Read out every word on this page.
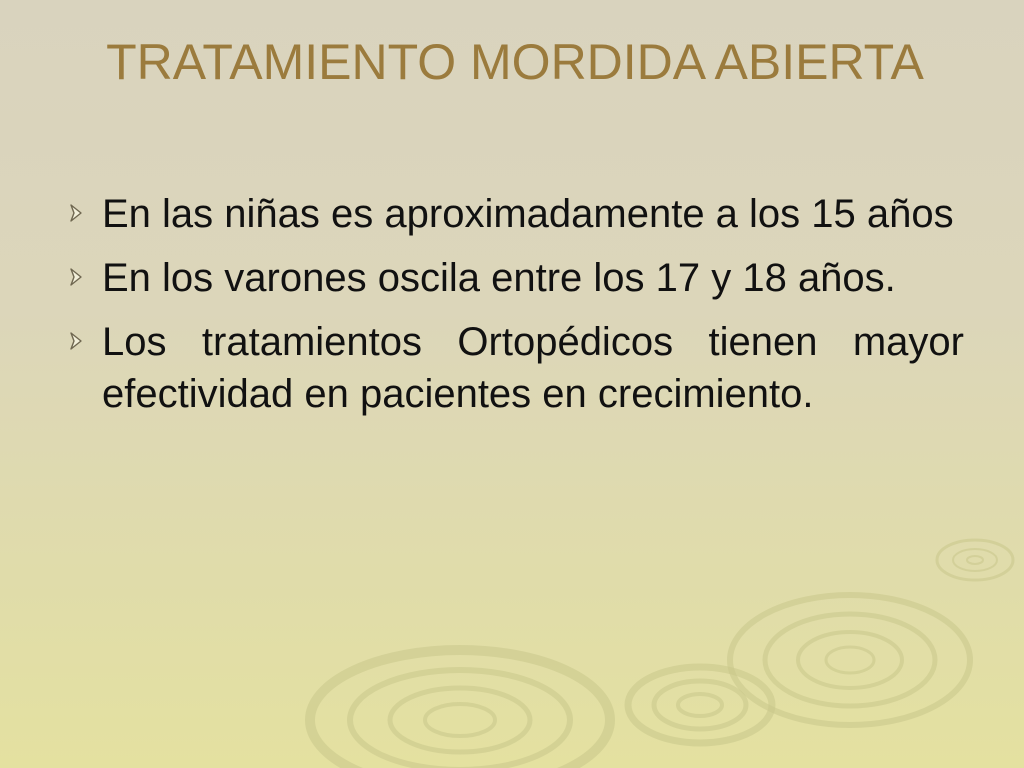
TRATAMIENTO MORDIDA ABIERTA
En las niñas es aproximadamente a los 15 años
En los varones oscila entre los 17 y 18 años.
Los tratamientos Ortopédicos tienen mayor efectividad en pacientes en crecimiento.
